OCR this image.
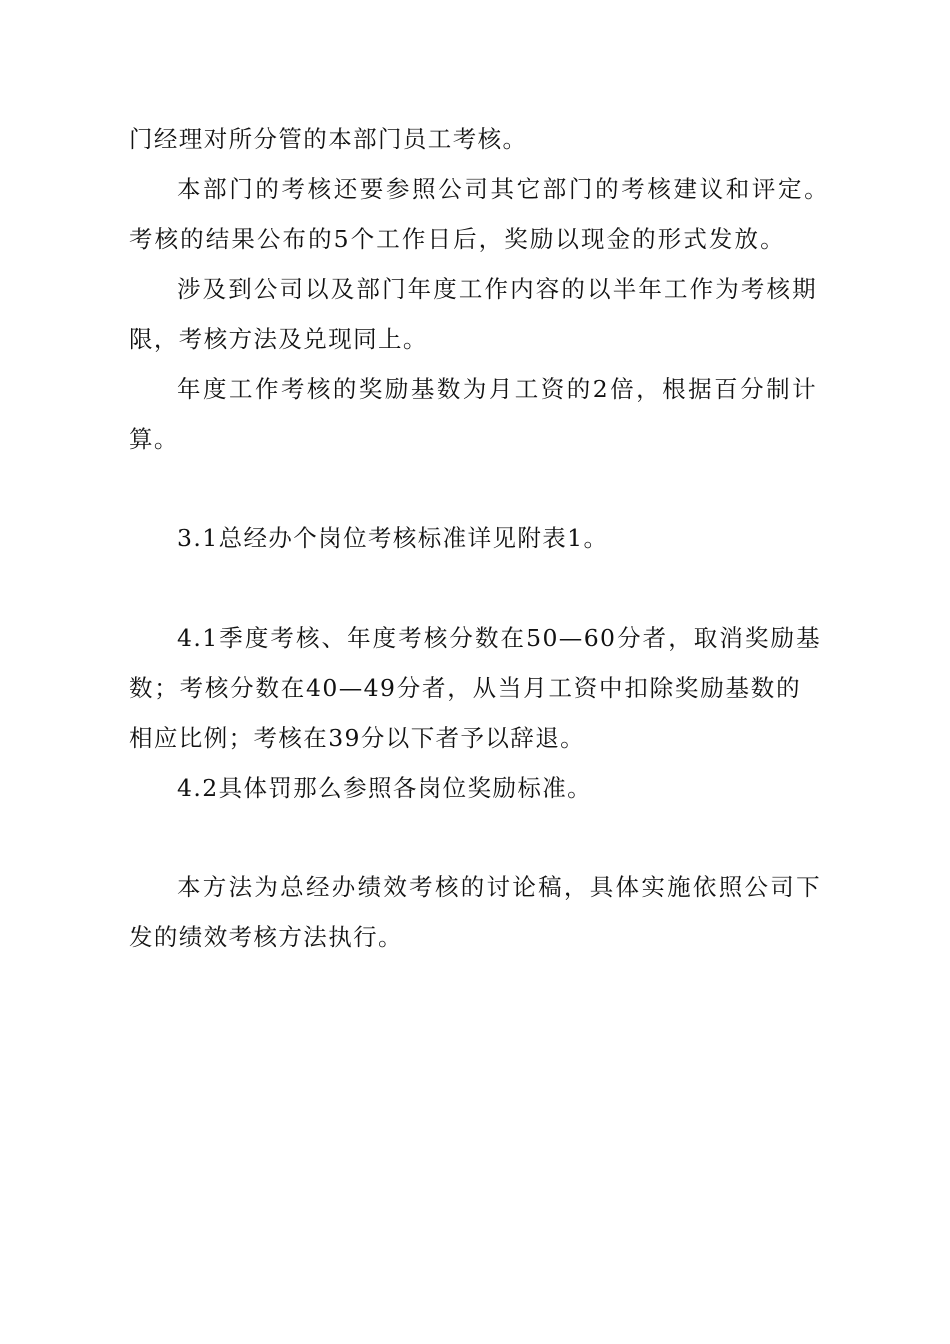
门经理对所分管的本部门员工考核。
本部门的考核还要参照公司其它部门的考核建议和评定。
考核的结果公布的5个工作日后，奖励以现金的形式发放。
涉及到公司以及部门年度工作内容的以半年工作为考核期
限，考核方法及兑现同上。
年度工作考核的奖励基数为月工资的2倍，根据百分制计
算。
3.1总经办个岗位考核标准详见附表1。
4.1季度考核、年度考核分数在50—60分者，取消奖励基
数；考核分数在40—49分者，从当月工资中扣除奖励基数的
相应比例；考核在39分以下者予以辞退。
4.2具体罚那么参照各岗位奖励标准。
本方法为总经办绩效考核的讨论稿，具体实施依照公司下
发的绩效考核方法执行。
